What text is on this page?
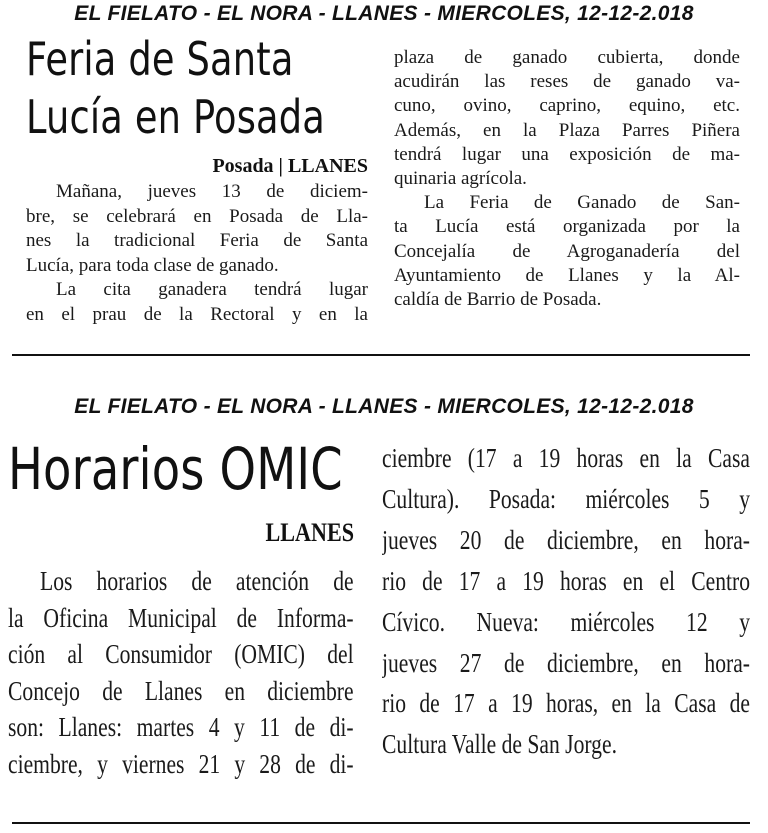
EL FIELATO - EL NORA - LLANES - MIERCOLES, 12-12-2.018
Feria de Santa
Lucía en Posada
Posada | LLANES
Mañana, jueves 13 de diciem-
bre, se celebrará en Posada de Lla-
nes la tradicional Feria de Santa
Lucía, para toda clase de ganado.
La cita ganadera tendrá lugar
en el prau de la Rectoral y en la
plaza de ganado cubierta, donde
acudirán las reses de ganado va-
cuno, ovino, caprino, equino, etc.
Además, en la Plaza Parres Piñera
tendrá lugar una exposición de ma-
quinaria agrícola.
La Feria de Ganado de San-
ta Lucía está organizada por la
Concejalía de Agroganadería del
Ayuntamiento de Llanes y la Al-
caldía de Barrio de Posada.
EL FIELATO - EL NORA - LLANES - MIERCOLES, 12-12-2.018
Horarios OMIC
LLANES
Los horarios de atención de
la Oficina Municipal de Informa-
ción al Consumidor (OMIC) del
Concejo de Llanes en diciembre
son: Llanes: martes 4 y 11 de di-
ciembre, y viernes 21 y 28 de di-
ciembre (17 a 19 horas en la Casa
Cultura). Posada: miércoles 5 y
jueves 20 de diciembre, en hora-
rio de 17 a 19 horas en el Centro
Cívico. Nueva: miércoles 12 y
jueves 27 de diciembre, en hora-
rio de 17 a 19 horas, en la Casa de
Cultura Valle de San Jorge.
